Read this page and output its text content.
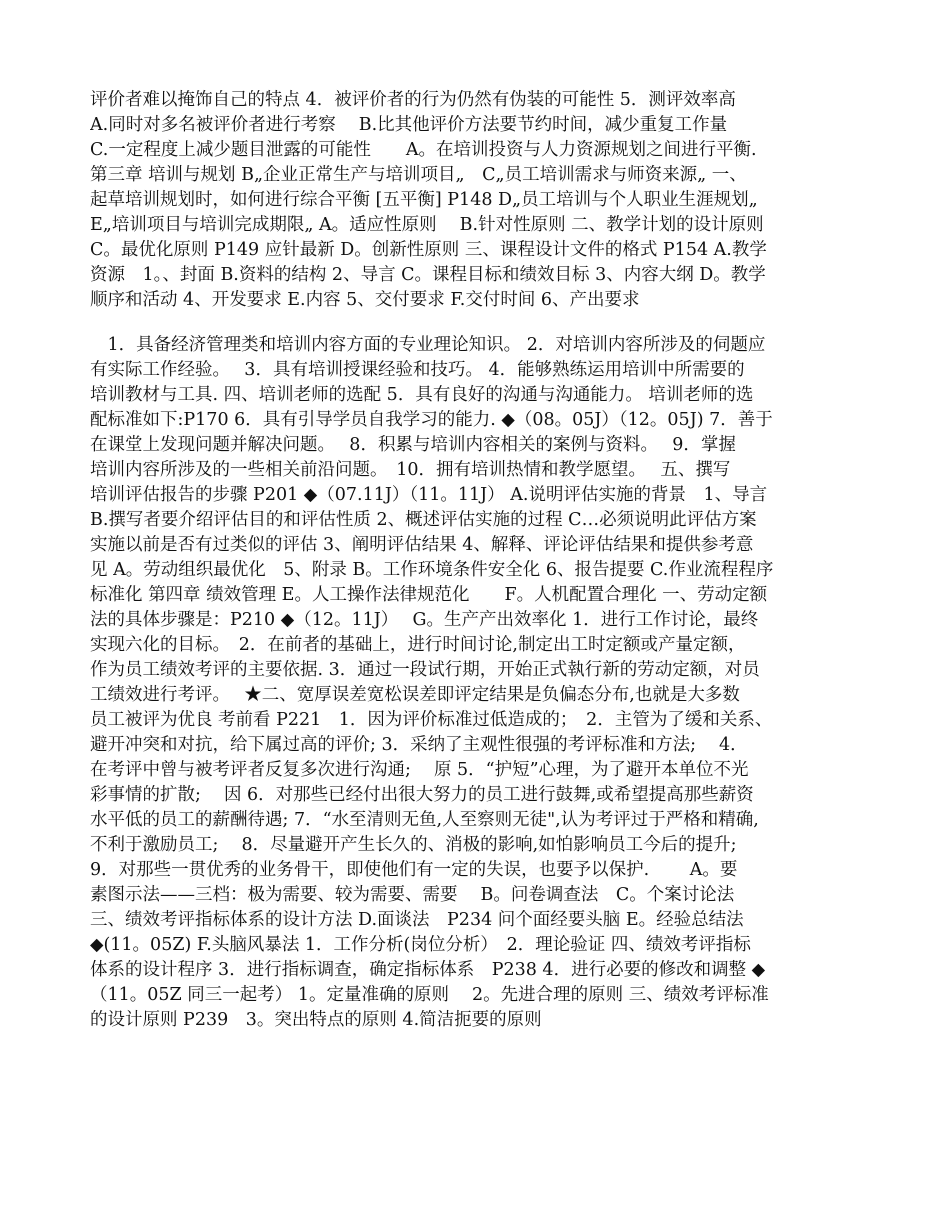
评价者难以掩饰自己的特点 4．被评价者的行为仍然有伪装的可能性 5．测评效率高
A.同时对多名被评价者进行考察　 B.比其他评价方法要节约时间，减少重复工作量
C.一定程度上减少题目泄露的可能性　　A。在培训投资与人力资源规划之间进行平衡.
第三章 培训与规划 B„企业正常生产与培训项目„　C„员工培训需求与师资来源„ 一、
起草培训规划时，如何进行综合平衡 [五平衡] P148 D„员工培训与个人职业生涯规划„
E„培训项目与培训完成期限„ A。适应性原则　 B.针对性原则 二、教学计划的设计原则
C。最优化原则 P149 应针最新 D。创新性原则 三、课程设计文件的格式 P154 A.教学
资源　1。、封面 B.资料的结构 2、导言 C。课程目标和绩效目标 3、内容大纲 D。教学
顺序和活动 4、开发要求 E.内容 5、交付要求 F.交付时间 6、产出要求
　1．具备经济管理类和培训内容方面的专业理论知识。 2．对培训内容所涉及的伺题应
有实际工作经验。　 3．具有培训授课经验和技巧。 4．能够熟练运用培训中所需要的
培训教材与工具. 四、培训老师的选配 5．具有良好的沟通与沟通能力。 培训老师的选
配标准如下:P170 6．具有引导学员自我学习的能力. ◆（08。05J）（12。05J) 7．善于
在课堂上发现问题并解决问题。　 8．积累与培训内容相关的案例与资料。　 9．掌握
培训内容所涉及的一些相关前沿问题。　10．拥有培训热情和教学愿望。　 五、撰写
培训评估报告的步骤 P201 ◆（07.11J）（11。11J） A.说明评估实施的背景　1、导言
B.撰写者要介绍评估目的和评估性质 2、概述评估实施的过程 C…必须说明此评估方案
实施以前是否有过类似的评估 3、阐明评估结果 4、解释、评论评估结果和提供参考意
见 A。劳动组织最优化　5、附录 B。工作环境条件安全化 6、报告提要 C.作业流程程序
标准化 第四章 绩效管理 E。人工操作法律规范化　　F。人机配置合理化 一、劳动定额
法的具体步骤是：P210 ◆（12。11J）　 G。生产产出效率化 1．进行工作讨论，最终
实现六化的目标。　2．在前者的基础上，进行时间讨论,制定出工时定额或产量定额，
作为员工绩效考评的主要依据. 3．通过一段试行期，开始正式執行新的劳动定额，对员
工绩效进行考评。　 ★二、宽厚误差宽松误差即评定结果是负偏态分布,也就是大多数
员工被评为优良 考前看 P221　1．因为评价标准过低造成的；　2．主管为了缓和关系、
避开冲突和对抗，给下属过高的评价; 3．采纳了主观性很强的考评标准和方法;　 4．
在考评中曾与被考评者反复多次进行沟通;　 原 5．“护短”心理，为了避开本单位不光
彩事情的扩散;　 因 6．对那些已经付出很大努力的员工进行鼓舞,或希望提高那些薪资
水平低的员工的薪酬待遇; 7．“水至清则无鱼,人至察则无徒",认为考评过于严格和精确,
不利于激励员工;　 8．尽量避开产生长久的、消极的影响,如怕影响员工今后的提升;
9．对那些一贯优秀的业务骨干，即使他们有一定的失误，也要予以保护.　　 A。要
素图示法——三档：极为需要、较为需要、需要　 B。问卷调查法　C。个案讨论法
三、绩效考评指标体系的设计方法 D.面谈法　P234 问个面经要头脑 E。经验总结法
◆(11。05Z) F.头脑风暴法 1．工作分析(岗位分析）　2．理论验证 四、绩效考评指标
体系的设计程序 3．进行指标调查，确定指标体系　P238 4．进行必要的修改和调整 ◆
（11。05Z 同三一起考） 1。定量准确的原则　 2。先进合理的原则 三、绩效考评标准
的设计原则 P239　3。突出特点的原则 4.简洁扼要的原则
